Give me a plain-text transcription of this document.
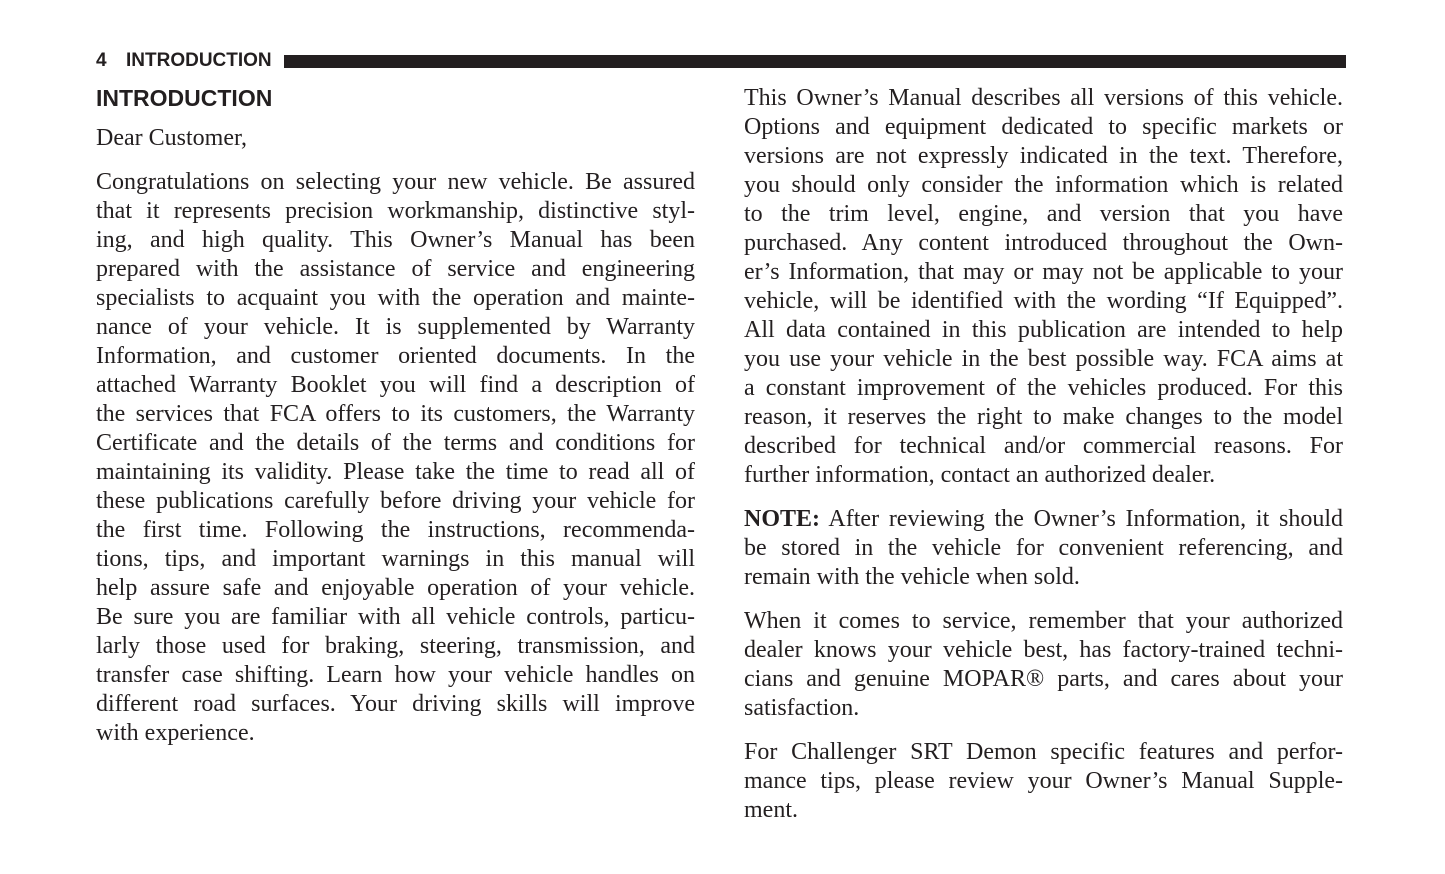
4	INTRODUCTION
INTRODUCTION
Dear Customer,
Congratulations on selecting your new vehicle. Be assured
that it represents precision workmanship, distinctive styl-
ing, and high quality. This Owner’s Manual has been
prepared with the assistance of service and engineering
specialists to acquaint you with the operation and mainte-
nance of your vehicle. It is supplemented by Warranty
Information, and customer oriented documents. In the
attached Warranty Booklet you will find a description of
the services that FCA offers to its customers, the Warranty
Certificate and the details of the terms and conditions for
maintaining its validity. Please take the time to read all of
these publications carefully before driving your vehicle for
the first time. Following the instructions, recommenda-
tions, tips, and important warnings in this manual will
help assure safe and enjoyable operation of your vehicle.
Be sure you are familiar with all vehicle controls, particu-
larly those used for braking, steering, transmission, and
transfer case shifting. Learn how your vehicle handles on
different road surfaces. Your driving skills will improve
with experience.
This Owner’s Manual describes all versions of this vehicle.
Options and equipment dedicated to specific markets or
versions are not expressly indicated in the text. Therefore,
you should only consider the information which is related
to the trim level, engine, and version that you have
purchased. Any content introduced throughout the Own-
er’s Information, that may or may not be applicable to your
vehicle, will be identified with the wording “If Equipped”.
All data contained in this publication are intended to help
you use your vehicle in the best possible way. FCA aims at
a constant improvement of the vehicles produced. For this
reason, it reserves the right to make changes to the model
described for technical and/or commercial reasons. For
further information, contact an authorized dealer.
NOTE: After reviewing the Owner’s Information, it should
be stored in the vehicle for convenient referencing, and
remain with the vehicle when sold.
When it comes to service, remember that your authorized
dealer knows your vehicle best, has factory-trained techni-
cians and genuine MOPAR® parts, and cares about your
satisfaction.
For Challenger SRT Demon specific features and perfor-
mance tips, please review your Owner’s Manual Supple-
ment.
